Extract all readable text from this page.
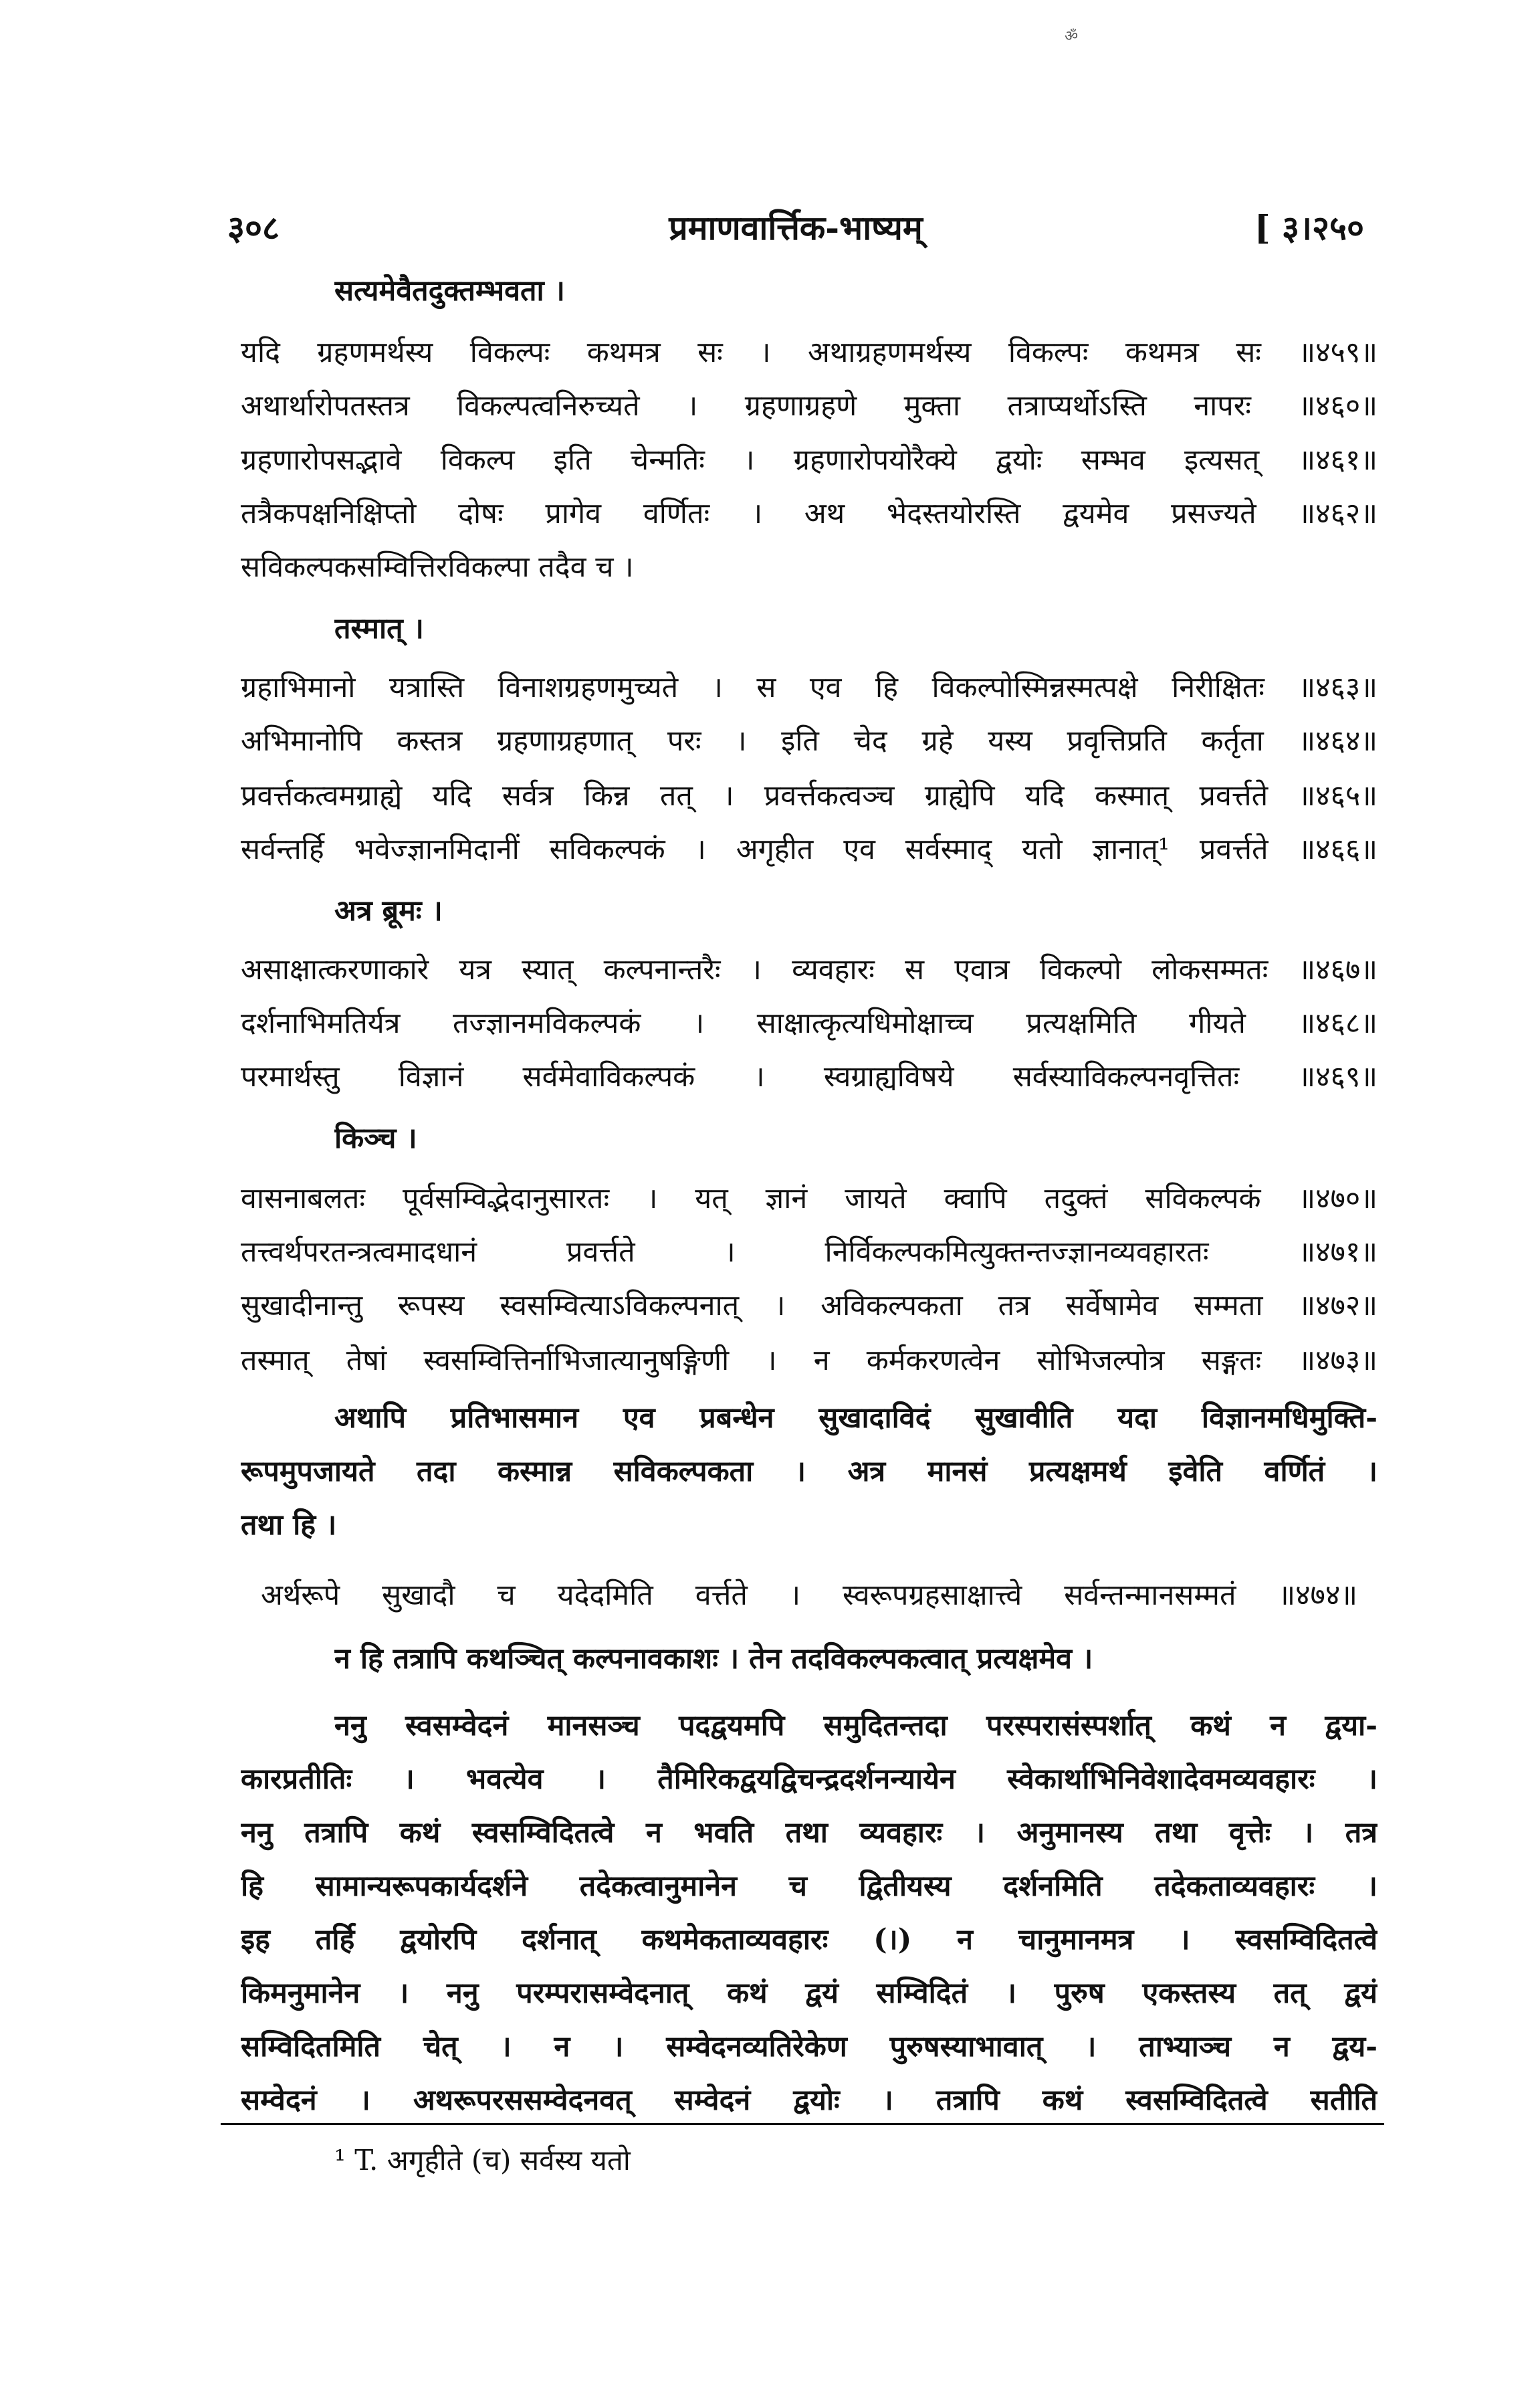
ॐ
३०८	प्रमाणवार्त्तिक-भाष्यम्	[ ३।२५०
सत्यमेवैतदुक्तम्भवता ।
यदि ग्रहणमर्थस्य विकल्पः कथमत्र सः । अथाग्रहणमर्थस्य विकल्पः कथमत्र सः ॥४५९॥
अथार्थारोपतस्तत्र विकल्पत्वनिरुच्यते । ग्रहणाग्रहणे मुक्ता तत्राप्यर्थोऽस्ति नापरः ॥४६०॥
ग्रहणारोपसद्भावे विकल्प इति चेन्मतिः । ग्रहणारोपयोरैक्ये द्वयोः सम्भव इत्यसत् ॥४६१॥
तत्रैकपक्षनिक्षिप्तो दोषः प्रागेव वर्णितः । अथ भेदस्तयोरस्ति द्वयमेव प्रसज्यते ॥४६२॥
सविकल्पकसम्वित्तिरविकल्पा तदैव च ।
तस्मात् ।
ग्रहाभिमानो यत्रास्ति विनाशग्रहणमुच्यते । स एव हि विकल्पोस्मिन्नस्मत्पक्षे निरीक्षितः ॥४६३॥
अभिमानोपि कस्तत्र ग्रहणाग्रहणात् परः । इति चेद ग्रहे यस्य प्रवृत्तिप्रति कर्तृता ॥४६४॥
प्रवर्त्तकत्वमग्राह्ये यदि सर्वत्र किन्न तत् । प्रवर्त्तकत्वञ्च ग्राह्येपि यदि कस्मात् प्रवर्त्तते ॥४६५॥
सर्वन्तर्हि भवेज्ज्ञानमिदानीं सविकल्पकं । अगृहीत एव सर्वस्माद् यतो ज्ञानात्¹ प्रवर्त्तते ॥४६६॥
अत्र ब्रूमः ।
असाक्षात्करणाकारे यत्र स्यात् कल्पनान्तरैः । व्यवहारः स एवात्र विकल्पो लोकसम्मतः ॥४६७॥
दर्शनाभिमतिर्यत्र तज्ज्ञानमविकल्पकं । साक्षात्कृत्यधिमोक्षाच्च प्रत्यक्षमिति गीयते ॥४६८॥
परमार्थस्तु विज्ञानं सर्वमेवाविकल्पकं । स्वग्राह्यविषये सर्वस्याविकल्पनवृत्तितः ॥४६९॥
किञ्च ।
वासनाबलतः पूर्वसम्विद्भेदानुसारतः । यत् ज्ञानं जायते क्वापि तदुक्तं सविकल्पकं ॥४७०॥
तत्त्वर्थपरतन्त्रत्वमादधानं प्रवर्त्तते । निर्विकल्पकमित्युक्तन्तज्ज्ञानव्यवहारतः ॥४७१॥
सुखादीनान्तु रूपस्य स्वसम्वित्याऽविकल्पनात् । अविकल्पकता तत्र सर्वेषामेव सम्मता ॥४७२॥
तस्मात् तेषां स्वसम्वित्तिर्नाभिजात्यानुषङ्गिणी । न कर्मकरणत्वेन सोभिजल्पोत्र सङ्गतः ॥४७३॥
अथापि प्रतिभासमान एव प्रबन्धेन सुखादाविदं सुखावीति यदा विज्ञानमधिमुक्ति-
रूपमुपजायते तदा कस्मान्न सविकल्पकता । अत्र मानसं प्रत्यक्षमर्थ इवेति वर्णितं ।
तथा हि ।
अर्थरूपे सुखादौ च यदेदमिति वर्त्तते । स्वरूपग्रहसाक्षात्त्वे सर्वन्तन्मानसम्मतं ॥४७४॥
न हि तत्रापि कथञ्चित् कल्पनावकाशः । तेन तदविकल्पकत्वात् प्रत्यक्षमेव ।
ननु स्वसम्वेदनं मानसञ्च पदद्वयमपि समुदितन्तदा परस्परासंस्पर्शात् कथं न द्वया-
कारप्रतीतिः । भवत्येव । तैमिरिकद्वयद्विचन्द्रदर्शनन्यायेन स्वेकार्थाभिनिवेशादेवमव्यवहारः ।
ननु तत्रापि कथं स्वसम्विदितत्वे न भवति तथा व्यवहारः । अनुमानस्य तथा वृत्तेः । तत्र
हि सामान्यरूपकार्यदर्शने तदेकत्वानुमानेन च द्वितीयस्य दर्शनमिति तदेकताव्यवहारः ।
इह तर्हि द्वयोरपि दर्शनात् कथमेकताव्यवहारः (।) न चानुमानमत्र । स्वसम्विदितत्वे
किमनुमानेन । ननु परम्परासम्वेदनात् कथं द्वयं सम्विदितं । पुरुष एकस्तस्य तत् द्वयं
सम्विदितमिति चेत् । न । सम्वेदनव्यतिरेकेण पुरुषस्याभावात् । ताभ्याञ्च न द्वय-
सम्वेदनं । अथरूपरससम्वेदनवत् सम्वेदनं द्वयोः । तत्रापि कथं स्वसम्विदितत्वे सतीति
¹ T. अगृहीते (च) सर्वस्य यतो
